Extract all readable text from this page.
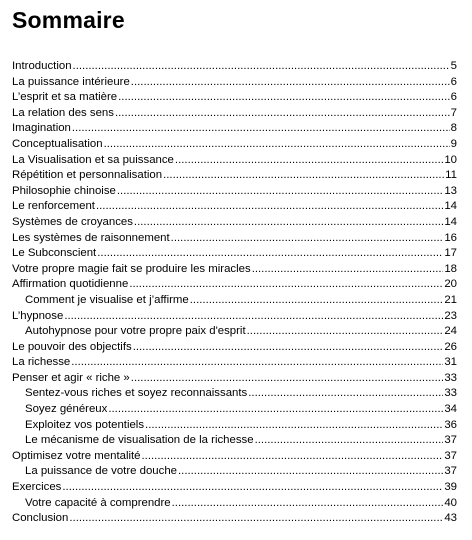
Sommaire
Introduction .....	5
La puissance intérieure .....	6
L’esprit et sa matière .....	6
La relation des sens .....	7
Imagination .....	8
Conceptualisation .....	9
La Visualisation et sa puissance .....	10
Répétition et personnalisation .....	11
Philosophie chinoise .....	13
Le renforcement .....	14
Systèmes de croyances .....	14
Les systèmes de raisonnement .....	16
Le Subconscient .....	17
Votre propre magie fait se produire les miracles .....	18
Affirmation quotidienne .....	20
Comment je visualise et j’affirme .....	21
L’hypnose .....	23
Autohypnose pour votre propre paix d'esprit .....	24
Le pouvoir des objectifs .....	26
La richesse .....	31
Penser et agir « riche » .....	33
Sentez-vous riches et soyez reconnaissants .....	33
Soyez généreux .....	34
Exploitez vos potentiels .....	36
Le mécanisme de visualisation de la richesse .....	37
Optimisez votre mentalité .....	37
La puissance de votre douche .....	37
Exercices .....	39
Votre capacité à comprendre .....	40
Conclusion .....	43
